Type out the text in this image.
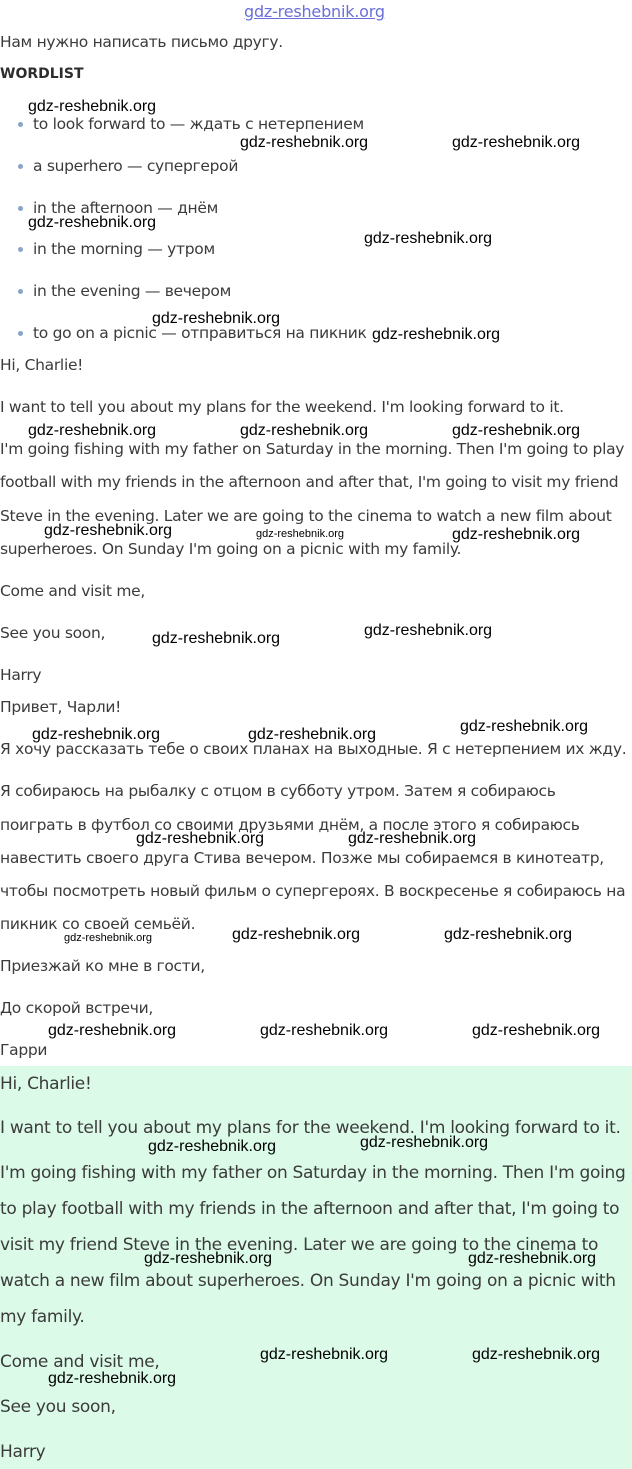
gdz-reshebnik.org
Нам нужно написать письмо другу.
WORDLIST
to look forward to — ждать с нетерпением
a superhero — супергерой
in the afternoon — днём
in the morning — утром
in the evening — вечером
to go on a picnic — отправиться на пикник
Hi, Charlie!
I want to tell you about my plans for the weekend. I'm looking forward to it.
I'm going fishing with my father on Saturday in the morning. Then I'm going to play
football with my friends in the afternoon and after that, I'm going to visit my friend
Steve in the evening. Later we are going to the cinema to watch a new film about
superheroes. On Sunday I'm going on a picnic with my family.
Come and visit me,
See you soon,
Harry
Привет, Чарли!
Я хочу рассказать тебе о своих планах на выходные. Я с нетерпением их жду.
Я собираюсь на рыбалку с отцом в субботу утром. Затем я собираюсь
поиграть в футбол со своими друзьями днём, а после этого я собираюсь
навестить своего друга Стива вечером. Позже мы собираемся в кинотеатр,
чтобы посмотреть новый фильм о супергероях. В воскресенье я собираюсь на
пикник со своей семьёй.
Приезжай ко мне в гости,
До скорой встречи,
Гарри
Hi, Charlie!
I want to tell you about my plans for the weekend. I'm looking forward to it.
I'm going fishing with my father on Saturday in the morning. Then I'm going
to play football with my friends in the afternoon and after that, I'm going to
visit my friend Steve in the evening. Later we are going to the cinema to
watch a new film about superheroes. On Sunday I'm going on a picnic with
my family.
Come and visit me,
See you soon,
Harry
gdz-reshebnik.org
gdz-reshebnik.org	gdz-reshebnik.org
gdz-reshebnik.org
gdz-reshebnik.org
gdz-reshebnik.org
gdz-reshebnik.org
gdz-reshebnik.org	gdz-reshebnik.org	gdz-reshebnik.org
gdz-reshebnik.org	gdz-reshebnik.org	gdz-reshebnik.org
gdz-reshebnik.org
gdz-reshebnik.org
gdz-reshebnik.org
gdz-reshebnik.org	gdz-reshebnik.org
gdz-reshebnik.org	gdz-reshebnik.org
gdz-reshebnik.org	gdz-reshebnik.org	gdz-reshebnik.org
gdz-reshebnik.org	gdz-reshebnik.org	gdz-reshebnik.org
gdz-reshebnik.org
gdz-reshebnik.org
gdz-reshebnik.org	gdz-reshebnik.org
gdz-reshebnik.org	gdz-reshebnik.org
gdz-reshebnik.org
